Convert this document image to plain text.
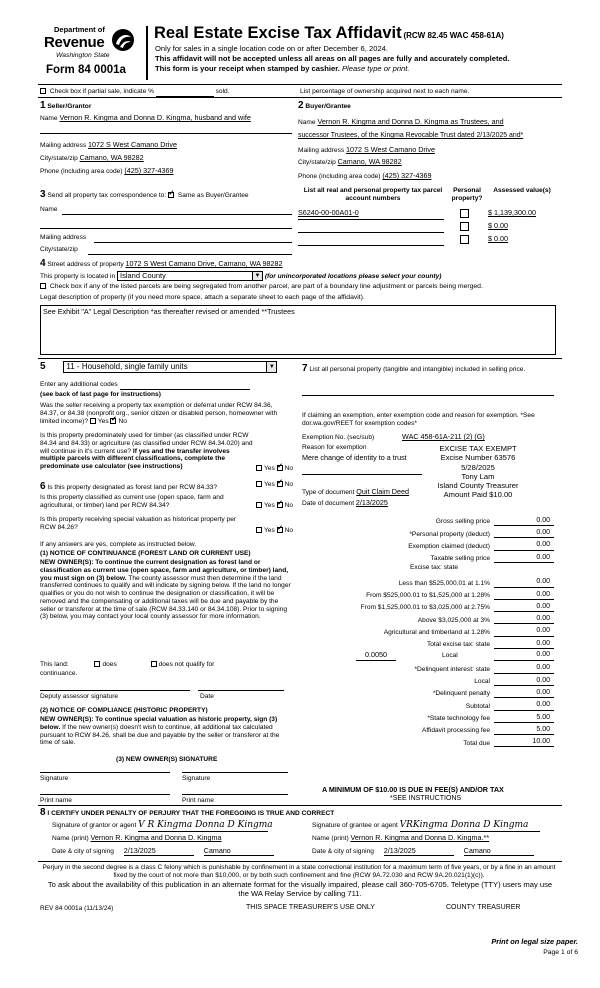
Department of
Revenue
Washington State
Form 84 0001a
Real Estate Excise Tax Affidavit (RCW 82.45 WAC 458-61A)
Only for sales in a single location code on or after December 6, 2024.
This affidavit will not be accepted unless all areas on all pages are fully and accurately completed.
This form is your receipt when stamped by cashier. Please type or print.
Check box if partial sale, indicate %	sold.	List percentage of ownership acquired next to each name.
1 Seller/Grantor
Name Vernon R. Kingma and Donna D. Kingma, husband and wife
Mailing address 1072 S West Camano Drive
City/state/zip Camano, WA 98282
Phone (including area code) (425) 327-4369
2 Buyer/Grantee
Name Vernon R. Kingma and Donna D. Kingma as Trustees, and
successor Trustees, of the Kingma Revocable Trust dated 2/13/2025 and*
Mailing address 1072 S West Camano Drive
City/state/zip Camano, WA 98282
Phone (including area code) (425) 327-4369
3 Send all property tax correspondence to: ✓ Same as Buyer/Grantee
Name
Mailing address
City/state/zip
List all real and personal property tax parcel account numbers
Personal property?
Assessed value(s)
S6240-00-00A01-0	$ 1,139,300.00
$ 0.00
$ 0.00
4 Street address of property 1072 S West Camano Drive, Camano, WA 98282
This property is located in Island County	▼ (for unincorporated locations please select your county)
Check box if any of the listed parcels are being segregated from another parcel, are part of a boundary line adjustment or parcels being merged.
Legal description of property (if you need more space, attach a separate sheet to each page of the affidavit).
See Exhibit "A" Legal Description *as thereafter revised or amended **Trustees
5	11 - Household, single family units	▼
Enter any additional codes
(see back of last page for instructions)
Was the seller receiving a property tax exemption or deferral under RCW 84.36, 84.37, or 84.38 (nonprofit org., senior citizen or disabled person, homeowner with limited income)? Yes ✓ No
Is this property predominately used for timber (as classified under RCW 84.34 and 84.33) or agriculture (as classified under RCW 84.34.020) and will continue in it's current use? If yes and the transfer involves multiple parcels with different classifications, complete the predominate use calculator (see instructions)	Yes ✓ No
6 Is this property designated as forest land per RCW 84.33?	Yes ✓ No
Is this property classified as current use (open space, farm and agricultural, or timber) land per RCW 84.34?	Yes ✓ No
Is this property receiving special valuation as historical property per RCW 84.26?	Yes ✓ No
If any answers are yes, complete as instructed below.
(1) NOTICE OF CONTINUANCE (FOREST LAND OR CURRENT USE)
NEW OWNER(S): To continue the current designation as forest land or classification as current use (open space, farm and agriculture, or timber) land, you must sign on (3) below. The county assessor must then determine if the land transferred continues to qualify and will indicate by signing below. If the land no longer qualifies or you do not wish to continue the designation or classification, it will be removed and the compensating or additional taxes will be due and payable by the seller or transferor at the time of sale (RCW 84.33.140 or 84.34.108). Prior to signing (3) below, you may contact your local county assessor for more information.
This land:	does	does not qualify for
continuance.
Deputy assessor signature	Date
(2) NOTICE OF COMPLIANCE (HISTORIC PROPERTY)
NEW OWNER(S): To continue special valuation as historic property, sign (3) below. If the new owner(s) doesn't wish to continue, all additional tax calculated pursuant to RCW 84.26, shall be due and payable by the seller or transferor at the time of sale.
(3) NEW OWNER(S) SIGNATURE
Signature	Signature
Print name	Print name
7 List all personal property (tangible and intangible) included in selling price.
If claiming an exemption, enter exemption code and reason for exemption. *See dor.wa.gov/REET for exemption codes*
Exemption No. (sec/sub)	WAC 458-61A-211 (2) (G)
Reason for exemption
Mere change of identity to a trust
EXCISE TAX EXEMPT
Excise Number 63576
5/28/2025
Tony Lam
Island County Treasurer
Amount Paid $10.00
Type of document Quit Claim Deed
Date of document 2/13/2025
Gross selling price	0.00
*Personal property (deduct)	0.00
Exemption claimed (deduct)	0.00
Taxable selling price	0.00
Excise tax: state
Less than $525,000.01 at 1.1%	0.00
From $525,000.01 to $1,525,000 at 1.28%	0.00
From $1,525,000.01 to $3,025,000 at 2.75%	0.00
Above $3,025,000 at 3%	0.00
Agricultural and timberland at 1.28%	0.00
Total excise tax: state	0.00
0.0050	Local	0.00
*Delinquent interest: state	0.00
Local	0.00
*Delinquent penalty	0.00
Subtotal	0.00
*State technology fee	5.00
Affidavit processing fee	5.00
Total due	10.00
A MINIMUM OF $10.00 IS DUE IN FEE(S) AND/OR TAX
*SEE INSTRUCTIONS
8 I CERTIFY UNDER PENALTY OF PERJURY THAT THE FOREGOING IS TRUE AND CORRECT
Signature of grantor or agent V R Kingma Donna D Kingma
Name (print) Vernon R. Kingma and Donna D. Kingma
Date & city of signing 2/13/2025	Camano
Signature of grantee or agent VRKingma Donna D Kingma
Name (print) Vernon R. Kingma and Donna D. Kingma.**
Date & city of signing 2/13/2025	Camano
Perjury in the second degree is a class C felony which is punishable by confinement in a state correctional institution for a maximum term of five years, or by a fine in an amount fixed by the court of not more than $10,000, or by both such confinement and fine (RCW 9A.72.030 and RCW 9A.20.021(1)(c)).
To ask about the availability of this publication in an alternate format for the visually impaired, please call 360-705-6705. Teletype (TTY) users may use the WA Relay Service by calling 711.
REV 84 0001a (11/13/24)	THIS SPACE TREASURER'S USE ONLY	COUNTY TREASURER
Print on legal size paper.
Page 1 of 6
